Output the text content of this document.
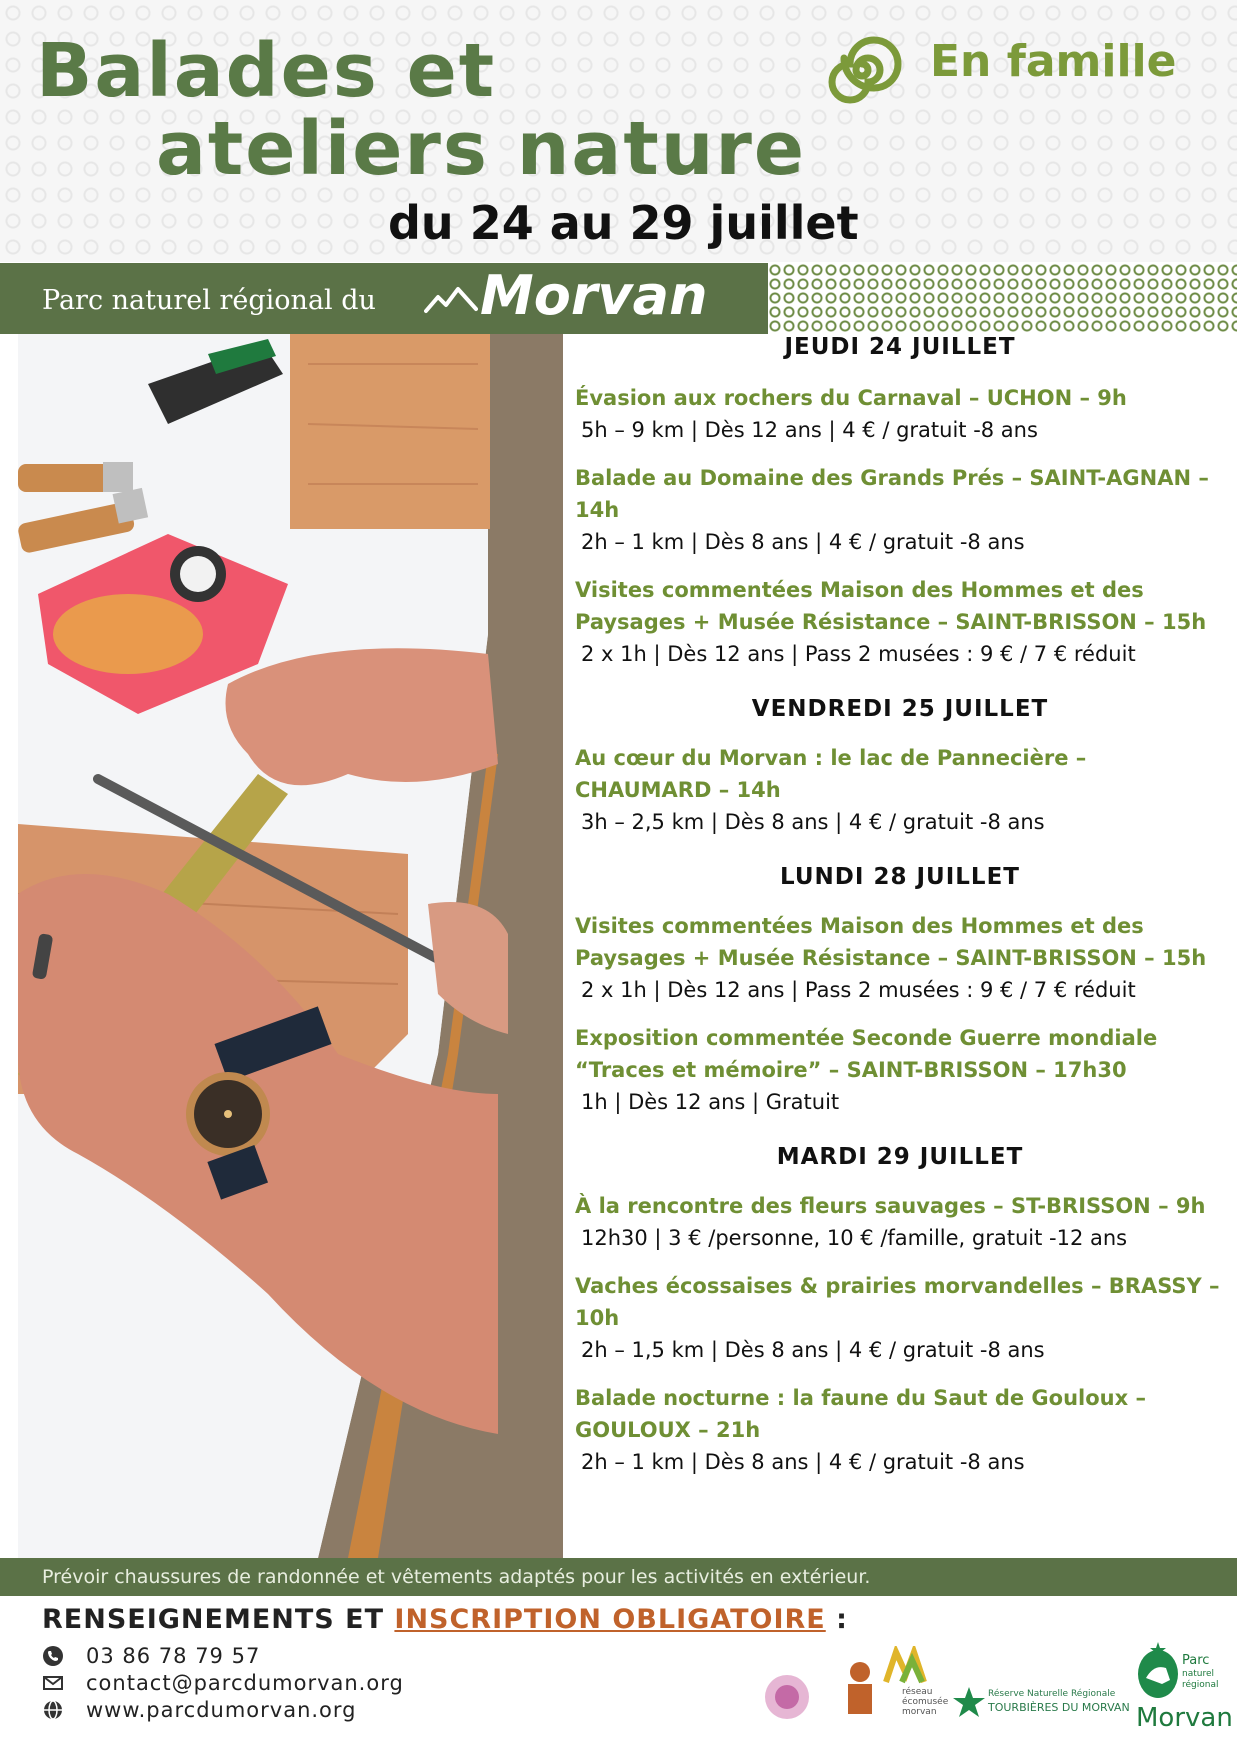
Balades et
ateliers nature
En famille
du 24 au 29 juillet
Parc naturel régional du Morvan
JEUDI 24 JUILLET
Évasion aux rochers du Carnaval – UCHON – 9h
5h – 9 km | Dès 12 ans | 4 € / gratuit -8 ans
Balade au Domaine des Grands Prés – SAINT-AGNAN – 14h
2h – 1 km | Dès 8 ans | 4 € / gratuit -8 ans
Visites commentées Maison des Hommes et des Paysages + Musée Résistance – SAINT-BRISSON – 15h
2 x 1h | Dès 12 ans | Pass 2 musées : 9 € / 7 € réduit
VENDREDI 25 JUILLET
Au cœur du Morvan : le lac de Pannecière – CHAUMARD – 14h
3h – 2,5 km | Dès 8 ans | 4 € / gratuit -8 ans
LUNDI 28 JUILLET
Visites commentées Maison des Hommes et des Paysages + Musée Résistance – SAINT-BRISSON – 15h
2 x 1h | Dès 12 ans | Pass 2 musées : 9 € / 7 € réduit
Exposition commentée Seconde Guerre mondiale “Traces et mémoire” – SAINT-BRISSON – 17h30
1h | Dès 12 ans | Gratuit
MARDI 29 JUILLET
À la rencontre des fleurs sauvages – ST-BRISSON – 9h
12h30 | 3 € /personne, 10 € /famille, gratuit -12 ans
Vaches écossaises & prairies morvandelles – BRASSY – 10h
2h – 1,5 km | Dès 8 ans | 4 € / gratuit -8 ans
Balade nocturne : la faune du Saut de Gouloux – GOULOUX – 21h
2h – 1 km | Dès 8 ans | 4 € / gratuit -8 ans
Prévoir chaussures de randonnée et vêtements adaptés pour les activités en extérieur.
RENSEIGNEMENTS ET INSCRIPTION OBLIGATOIRE :
03 86 78 79 57
contact@parcdumorvan.org
www.parcdumorvan.org
réseau écomusée morvan
Réserve Naturelle Régionale
TOURBIÈRES DU MORVAN
Parc
naturel
régional
Morvan
